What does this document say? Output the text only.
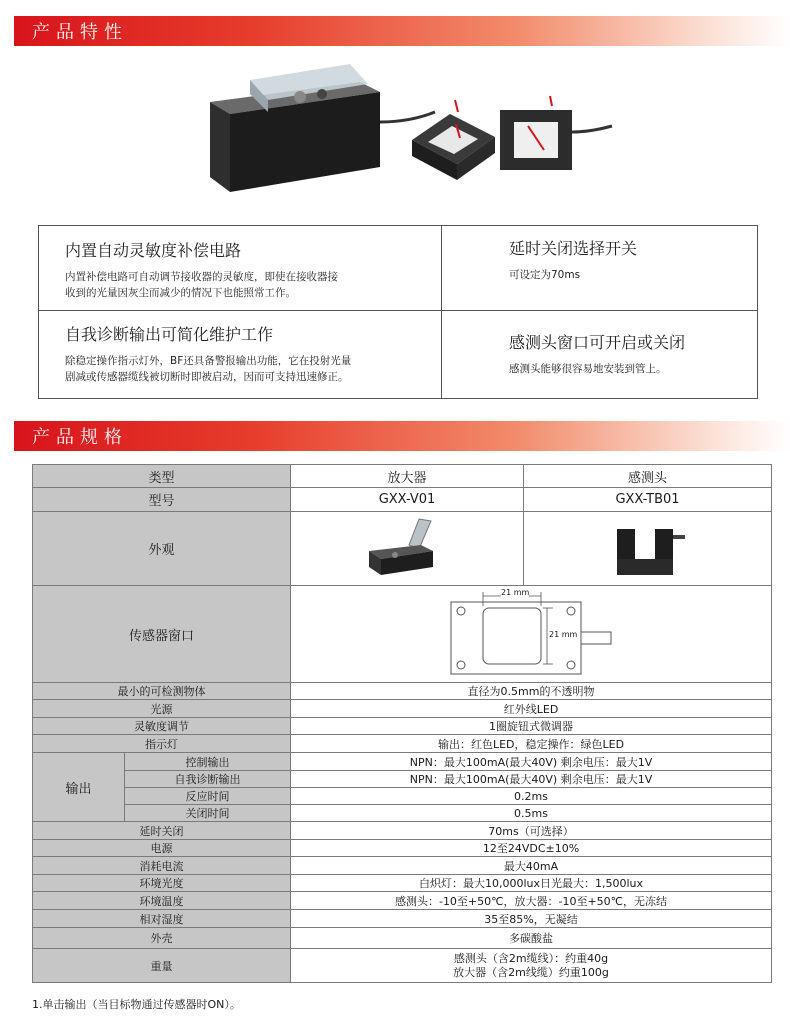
产品特性
内置自动灵敏度补偿电路

内置补偿电路可自动调节接收器的灵敏度，即使在接收器接
收到的光量因灰尘而减少的情况下也能照常工作。

延时关闭选择开关

可设定为70ms

自我诊断输出可简化维护工作

除稳定操作指示灯外，BF还具备警报输出功能，它在投射光量
剧减或传感器缆线被切断时即被启动，因而可支持迅速修正。

感测头窗口可开启或关闭

感测头能够很容易地安装到管上。

产品规格
类型		放大器	感测头
型号		GXX-V01	GXX-TB01
外观		
传感器窗口		21 mm
21 mm	

最小的可检测物体		直径为0.5mm的不透明物	
光源		红外线LED	
灵敏度调节		1圈旋钮式微调器	
指示灯		输出：红色LED，稳定操作：绿色LED	
输出	控制输出	NPN：最大100mA(最大40V) 剩余电压：最大1V	
	自我诊断输出	NPN：最大100mA(最大40V) 剩余电压：最大1V	
	反应时间	0.2ms	
	关闭时间	0.5ms	
延时关闭		70ms（可选择）	
电源		12至24VDC±10%	
消耗电流		最大40mA	
环境光度		白炽灯：最大10,000lux日光最大：1,500lux	
环境温度		感测头：-10至+50℃，放大器：-10至+50℃，无冻结	
相对湿度		35至85%，无凝结	
外壳		多碳酸盐	
重量		感测头（含2m缆线）：约重40g
放大器（含2m线缆）约重100g	
1.单击输出（当目标物通过传感器时ON）。
